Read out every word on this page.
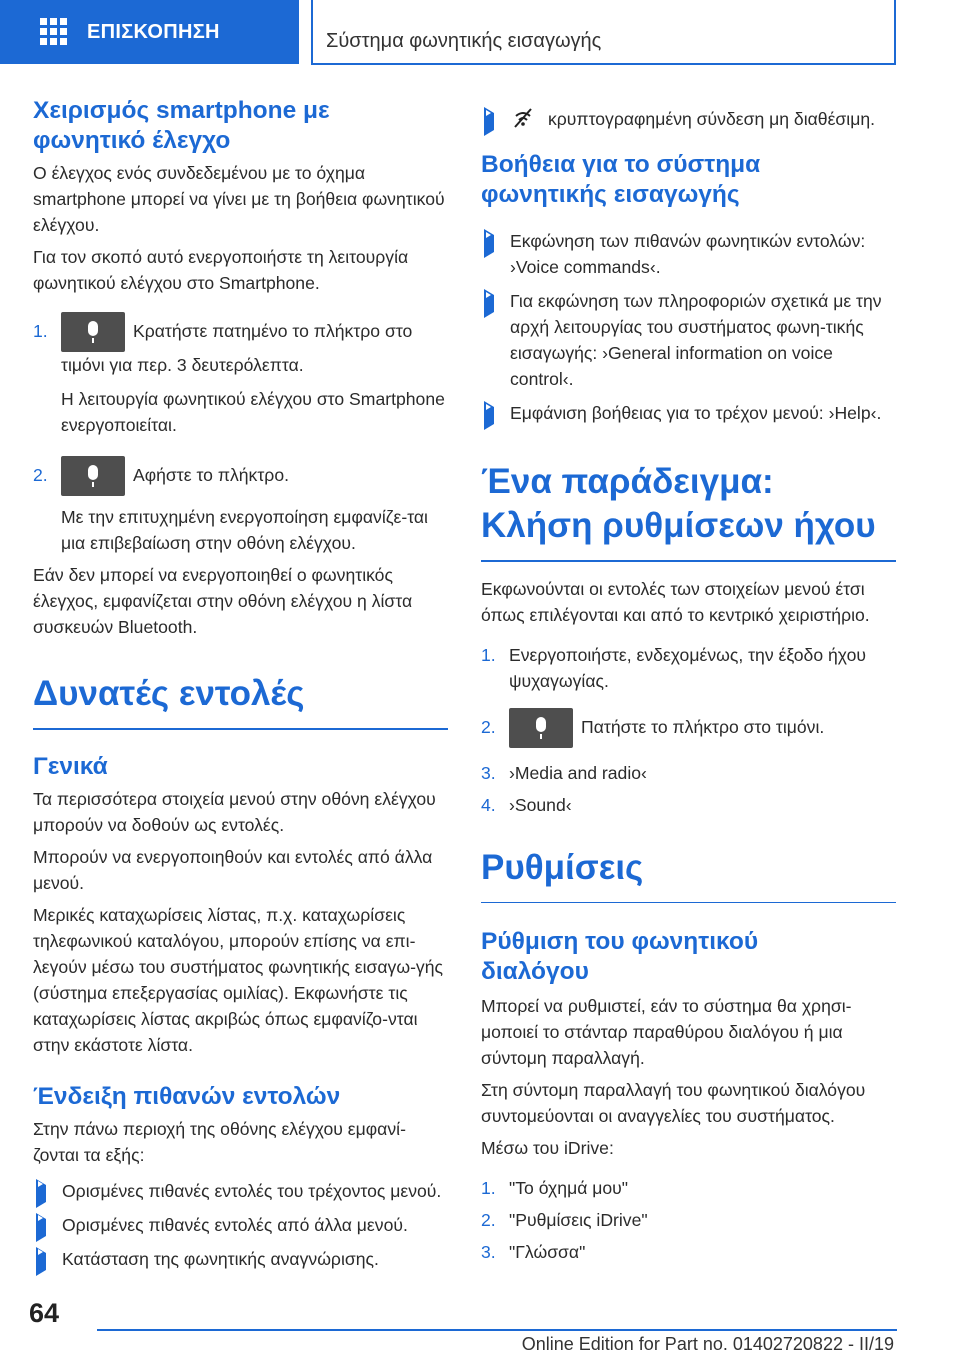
ΕΠΙΣΚΟΠΗΣΗ	Σύστημα φωνητικής εισαγωγής
Χειρισμός smartphone με φωνητικό έλεγχο

Ο έλεγχος ενός συνδεδεμένου με το όχημα smartphone μπορεί να γίνει με τη βοήθεια φωνητικού ελέγχου.

Για τον σκοπό αυτό ενεργοποιήστε τη λειτουργία φωνητικού ελέγχου στο Smartphone.

1.	Κρατήστε πατημένο το πλήκτρο στο τιμόνι για περ. 3 δευτερόλεπτα.

Η λειτουργία φωνητικού ελέγχου στο Smartphone ενεργοποιείται.

2.	Αφήστε το πλήκτρο.

Με την επιτυχημένη ενεργοποίηση εμφανίζε‐ται μια επιβεβαίωση στην οθόνη ελέγχου.

Εάν δεν μπορεί να ενεργοποιηθεί ο φωνητικός έλεγχος, εμφανίζεται στην οθόνη ελέγχου η λίστα συσκευών Bluetooth.

Δυνατές εντολές
Γενικά

Τα περισσότερα στοιχεία μενού στην οθόνη ελέγχου μπορούν να δοθούν ως εντολές.

Μπορούν να ενεργοποιηθούν και εντολές από άλλα μενού.

Μερικές καταχωρίσεις λίστας, π.χ. καταχωρίσεις τηλεφωνικού καταλόγου, μπορούν επίσης να επι‐λεγούν μέσω του συστήματος φωνητικής εισαγω‐γής (σύστημα επεξεργασίας ομιλίας). Εκφωνήστε τις καταχωρίσεις λίστας ακριβώς όπως εμφανίζο‐νται στην εκάστοτε λίστα.

Ένδειξη πιθανών εντολών

Στην πάνω περιοχή της οθόνης ελέγχου εμφανί‐ζονται τα εξής:

Ορισμένες πιθανές εντολές του τρέχοντος μενού.

Ορισμένες πιθανές εντολές από άλλα μενού.

Κατάσταση της φωνητικής αναγνώρισης.

κρυπτογραφημένη σύνδεση μη διαθέσιμη.

Βοήθεια για το σύστημα φωνητικής εισαγωγής

Εκφώνηση των πιθανών φωνητικών εντολών: ›Voice commands‹.

Για εκφώνηση των πληροφοριών σχετικά με την αρχή λειτουργίας του συστήματος φωνη‐τικής εισαγωγής: ›General information on voice control‹.

Εμφάνιση βοήθειας για το τρέχον μενού: ›Help‹.

Ένα παράδειγμα: Κλήση ρυθμίσεων ήχου

Εκφωνούνται οι εντολές των στοιχείων μενού έτσι όπως επιλέγονται και από το κεντρικό χειριστήριο.

1. Ενεργοποιήστε, ενδεχομένως, την έξοδο ήχου ψυχαγωγίας.

2.	Πατήστε το πλήκτρο στο τιμόνι.

3. ›Media and radio‹

4. ›Sound‹

Ρυθμίσεις
Ρύθμιση του φωνητικού διαλόγου

Μπορεί να ρυθμιστεί, εάν το σύστημα θα χρησι‐μοποιεί το στάνταρ παραθύρου διαλόγου ή μια σύντομη παραλλαγή.

Στη σύντομη παραλλαγή του φωνητικού διαλόγου συντομεύονται οι αναγγελίες του συστήματος.

Μέσω του iDrive:

1. "Το όχημά μου"

2. "Ρυθμίσεις iDrive"

3. "Γλώσσα"

64
Online Edition for Part no. 01402720822 - II/19
